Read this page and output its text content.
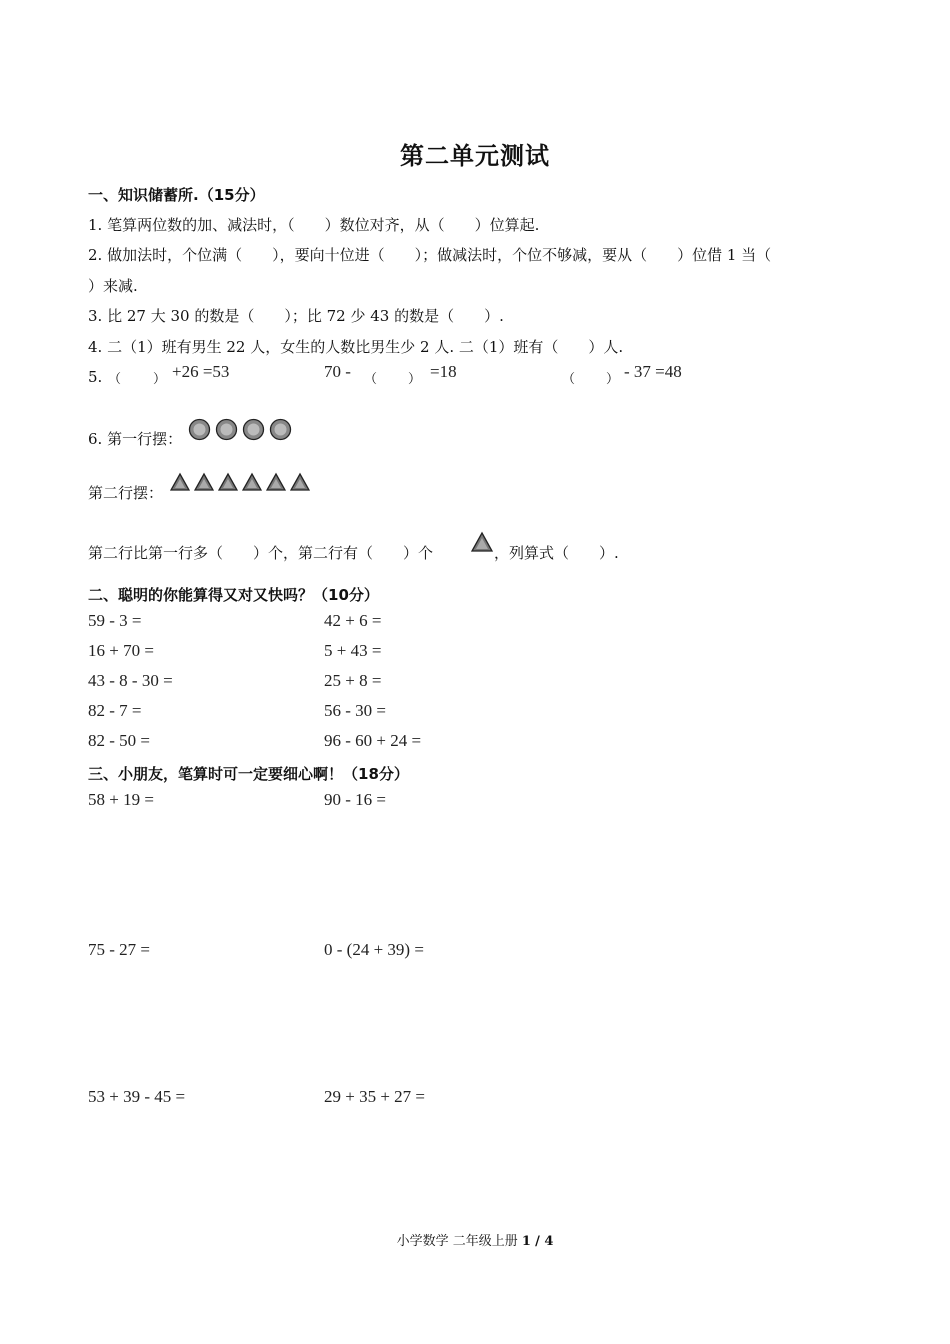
第二单元测试
一、知识储蓄所.（15分）
1. 笔算两位数的加、减法时，（　　）数位对齐，从（　　）位算起.
2. 做加法时，个位满（　　），要向十位进（　　）；做减法时，个位不够减，要从（　　）位借 1 当（
）来减.
3. 比 27 大 30 的数是（　　）；比 72 少 43 的数是（　　）.
4. 二（1）班有男生 22 人，女生的人数比男生少 2 人. 二（1）班有（　　）人.
5. （ ） +26 =53	70 - （ ） =18	（ ） - 37 =48
6. 第一行摆：
第二行摆：
第二行比第一行多（　　）个，第二行有（　　）个	，列算式（　　）.
二、聪明的你能算得又对又快吗？（10分）
59 - 3 =	42 + 6 =
16 + 70 =	5 + 43 =
43 - 8 - 30 =	25 + 8 =
82 - 7 =	56 - 30 =
82 - 50 =	96 - 60 + 24 =
三、小朋友，笔算时可一定要细心啊！（18分）
58 + 19 =	90 - 16 =
75 - 27 =	0 - (24 + 39) =
53 + 39 - 45 =	29 + 35 + 27 =
小学数学 二年级上册 1 / 4
